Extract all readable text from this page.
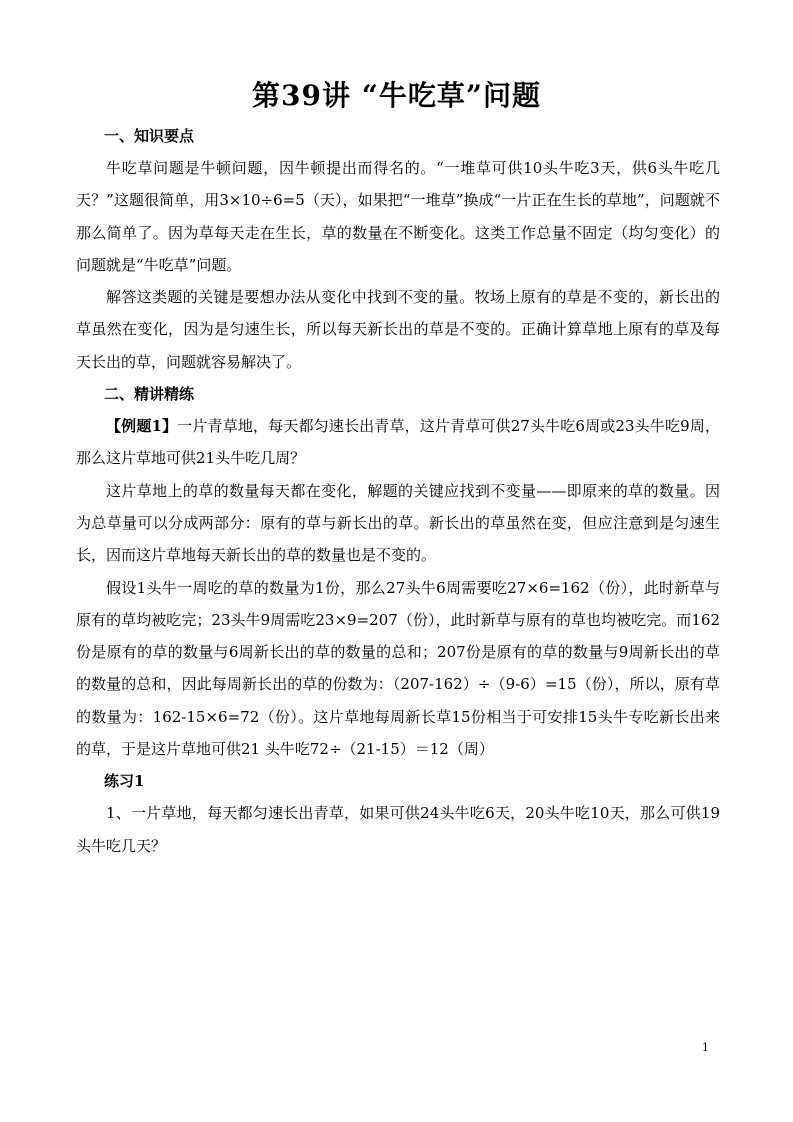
第39讲 “牛吃草”问题
一、知识要点

牛吃草问题是牛顿问题，因牛顿提出而得名的。“一堆草可供10头牛吃3天，供6头牛吃几天？”这题很简单，用3×10÷6=5（天），如果把“一堆草”换成“一片正在生长的草地”，问题就不那么简单了。因为草每天走在生长，草的数量在不断变化。这类工作总量不固定（均匀变化）的问题就是“牛吃草”问题。

解答这类题的关键是要想办法从变化中找到不变的量。牧场上原有的草是不变的，新长出的草虽然在变化，因为是匀速生长，所以每天新长出的草是不变的。正确计算草地上原有的草及每天长出的草，问题就容易解决了。

二、精讲精练

【例题1】一片青草地，每天都匀速长出青草，这片青草可供27头牛吃6周或23头牛吃9周，那么这片草地可供21头牛吃几周？

这片草地上的草的数量每天都在变化，解题的关键应找到不变量——即原来的草的数量。因为总草量可以分成两部分：原有的草与新长出的草。新长出的草虽然在变，但应注意到是匀速生长，因而这片草地每天新长出的草的数量也是不变的。

假设1头牛一周吃的草的数量为1份，那么27头牛6周需要吃27×6=162（份），此时新草与原有的草均被吃完；23头牛9周需吃23×9=207（份），此时新草与原有的草也均被吃完。而162份是原有的草的数量与6周新长出的草的数量的总和；207份是原有的草的数量与9周新长出的草的数量的总和，因此每周新长出的草的份数为：（207-162）÷（9-6）=15（份），所以，原有草的数量为：162-15×6=72（份）。这片草地每周新长草15份相当于可安排15头牛专吃新长出来的草，于是这片草地可供21 头牛吃72÷（21-15）＝12（周）

练习1

1、一片草地，每天都匀速长出青草，如果可供24头牛吃6天，20头牛吃10天，那么可供19头牛吃几天？

1
